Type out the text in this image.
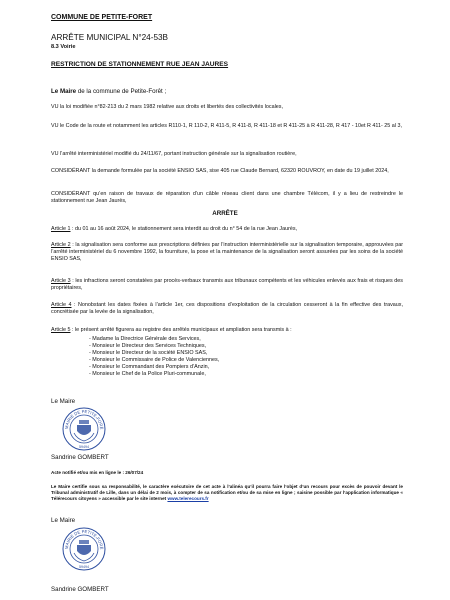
COMMUNE DE PETITE-FORET
ARRÊTE MUNICIPAL N°24-53B
8.3 Voirie
RESTRICTION DE STATIONNEMENT RUE JEAN JAURES
Le Maire de la commune de Petite-Forêt ;
VU la loi modifiée n°82-213 du 2 mars 1982 relative aux droits et libertés des collectivités locales,
VU le Code de la route et notamment les articles R110-1, R 110-2, R 411-5, R 411-8, R 411-18 et R 411-25 à R 411-28, R 417 - 10et R 411- 25 al 3,
VU l’arrêté interministériel modifié du 24/11/67, portant instruction générale sur la signalisation routière,
CONSIDÉRANT la demande formulée par la société ENSIO SAS, sise 405 rue Claude Bernard, 62320 ROUVROY, en date du 19 juillet 2024,
CONSIDÉRANT qu’en raison de travaux de réparation d’un câble réseau client dans une chambre Télécom, il y a lieu de restreindre le stationnement rue Jean Jaurès,
ARRÊTE
Article 1 : du 01 au 16 août 2024, le stationnement sera interdit au droit du n° 54 de la rue Jean Jaurès,
Article 2 : la signalisation sera conforme aux prescriptions définies par l’instruction interministérielle sur la signalisation temporaire, approuvées par l’arrêté interministériel du 6 novembre 1992, la fourniture, la pose et la maintenance de la signalisation seront assurées par les soins de la société ENSIO SAS,
Article 3 : les infractions seront constatées par procès-verbaux transmis aux tribunaux compétents et les véhicules enlevés aux frais et risques des propriétaires,
Article 4 : Nonobstant les dates fixées à l’article 1er, ces dispositions d’exploitation de la circulation cesseront à la fin effective des travaux, concrétisée par la levée de la signalisation,
Article 5 : le présent arrêté figurera au registre des arrêtés municipaux et ampliation sera transmis à :
- Madame la Directrice Générale des Services,
- Monsieur le Directeur des Services Techniques,
- Monsieur le Directeur de la société ENSIO SAS,
- Monsieur le Commissaire de Police de Valenciennes,
- Monsieur le Commandant des Pompiers d’Anzin,
- Monsieur le Chef de la Police Pluri-communale,
Le Maire
MAIRIE DE PETITE-FORÊ
59494
Sandrine GOMBERT
Acte notifié et/ou mis en ligne le : 26/07/24
Le Maire certifie sous sa responsabilité, le caractère exécutoire de cet acte à l’alinéa qu’il pourra faire l’objet d’un recours pour excès de pouvoir devant le Tribunal administratif de Lille, dans un délai de 2 mois, à compter de sa notification et/ou de sa mise en ligne ; saisine possible par l’application informatique « Télérecours citoyens » accessible par le site internet www.telerecours.fr
Le Maire
MAIRIE DE PETITE-FORÊ
59494
Sandrine GOMBERT
